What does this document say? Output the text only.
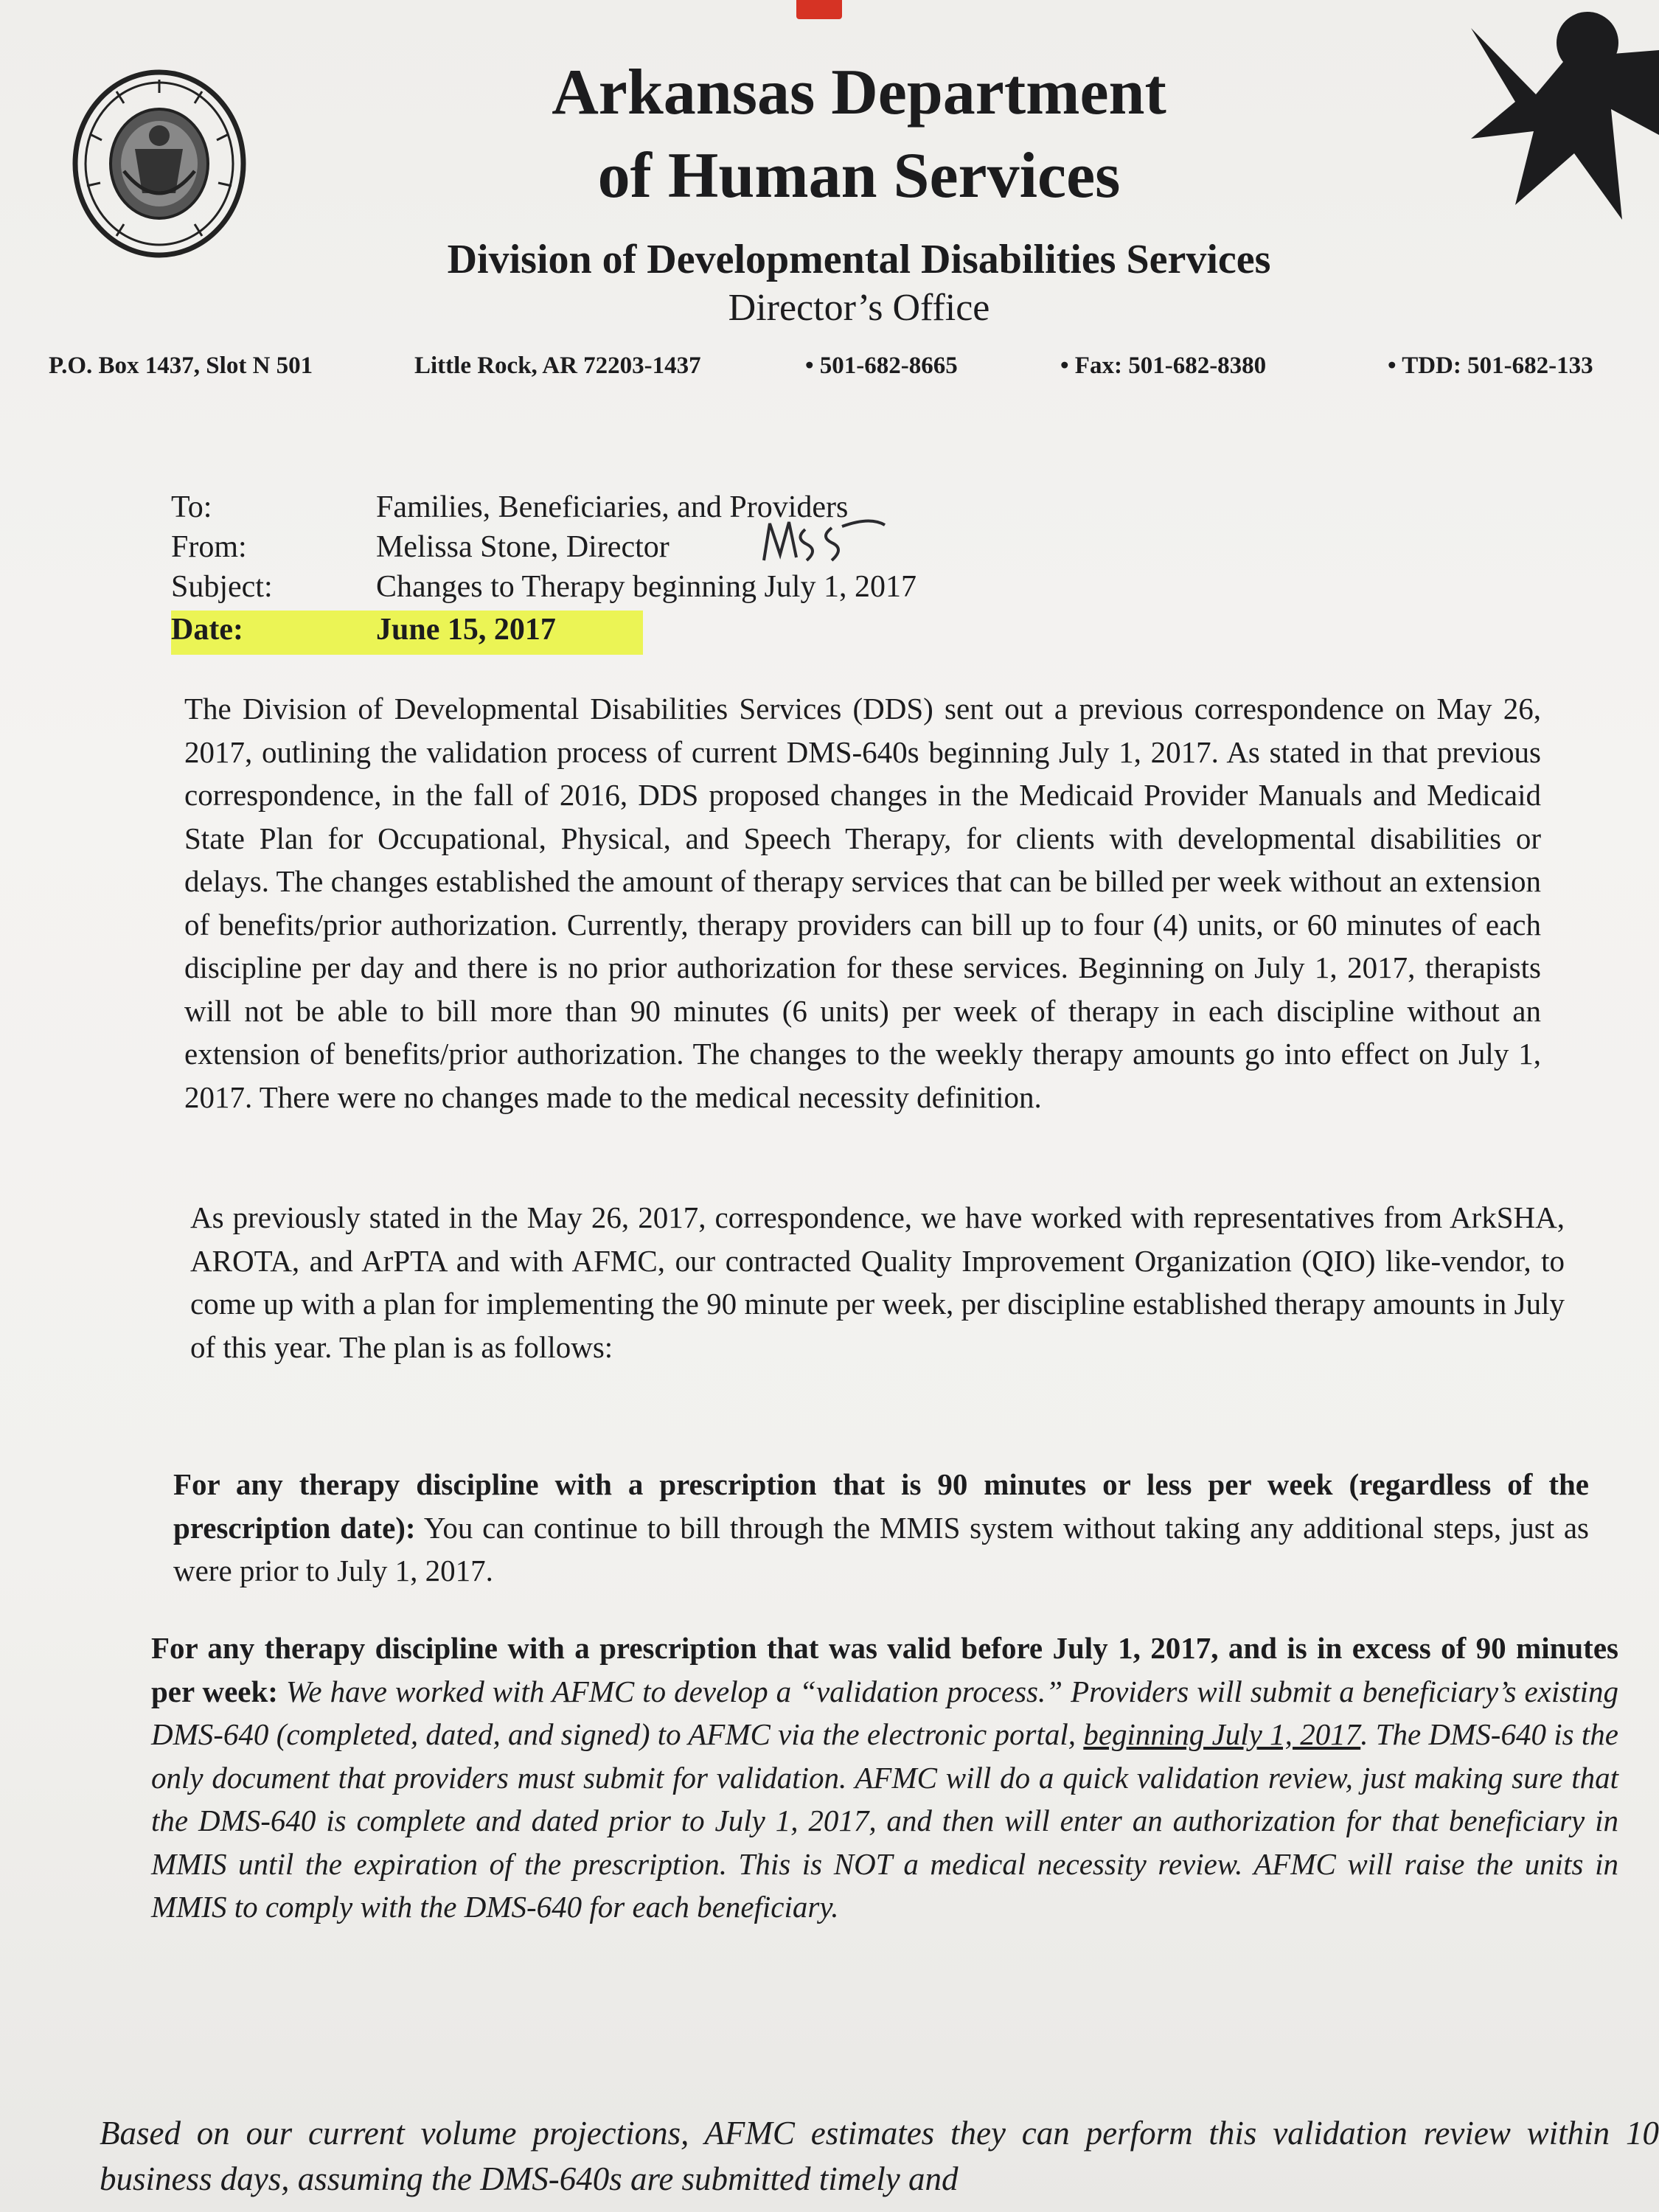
Arkansas Department
of Human Services
Division of Developmental Disabilities Services
Director’s Office
P.O. Box 1437, Slot N 501	Little Rock, AR 72203-1437	• 501-682-8665	• Fax: 501-682-8380	• TDD: 501-682-133
To:	Families, Beneficiaries, and Providers
From:	Melissa Stone, Director
Subject:	Changes to Therapy beginning July 1, 2017
Date:	June 15, 2017

The Division of Developmental Disabilities Services (DDS) sent out a previous correspondence on May 26, 2017, outlining the validation process of current DMS-640s beginning July 1, 2017. As stated in that previous correspondence, in the fall of 2016, DDS proposed changes in the Medicaid Provider Manuals and Medicaid State Plan for Occupational, Physical, and Speech Therapy, for clients with developmental disabilities or delays. The changes established the amount of therapy services that can be billed per week without an extension of benefits/prior authorization. Currently, therapy providers can bill up to four (4) units, or 60 minutes of each discipline per day and there is no prior authorization for these services. Beginning on July 1, 2017, therapists will not be able to bill more than 90 minutes (6 units) per week of therapy in each discipline without an extension of benefits/prior authorization. The changes to the weekly therapy amounts go into effect on July 1, 2017. There were no changes made to the medical necessity definition.

As previously stated in the May 26, 2017, correspondence, we have worked with representatives from ArkSHA, AROTA, and ArPTA and with AFMC, our contracted Quality Improvement Organization (QIO) like-vendor, to come up with a plan for implementing the 90 minute per week, per discipline established therapy amounts in July of this year. The plan is as follows:

For any therapy discipline with a prescription that is 90 minutes or less per week (regardless of the prescription date): You can continue to bill through the MMIS system without taking any additional steps, just as were prior to July 1, 2017.

For any therapy discipline with a prescription that was valid before July 1, 2017, and is in excess of 90 minutes per week: We have worked with AFMC to develop a “validation process.” Providers will submit a beneficiary’s existing DMS-640 (completed, dated, and signed) to AFMC via the electronic portal, beginning July 1, 2017. The DMS-640 is the only document that providers must submit for validation. AFMC will do a quick validation review, just making sure that the DMS-640 is complete and dated prior to July 1, 2017, and then will enter an authorization for that beneficiary in MMIS until the expiration of the prescription. This is NOT a medical necessity review. AFMC will raise the units in MMIS to comply with the DMS-640 for each beneficiary.

Based on our current volume projections, AFMC estimates they can perform this validation review within 10 business days, assuming the DMS-640s are submitted timely and
